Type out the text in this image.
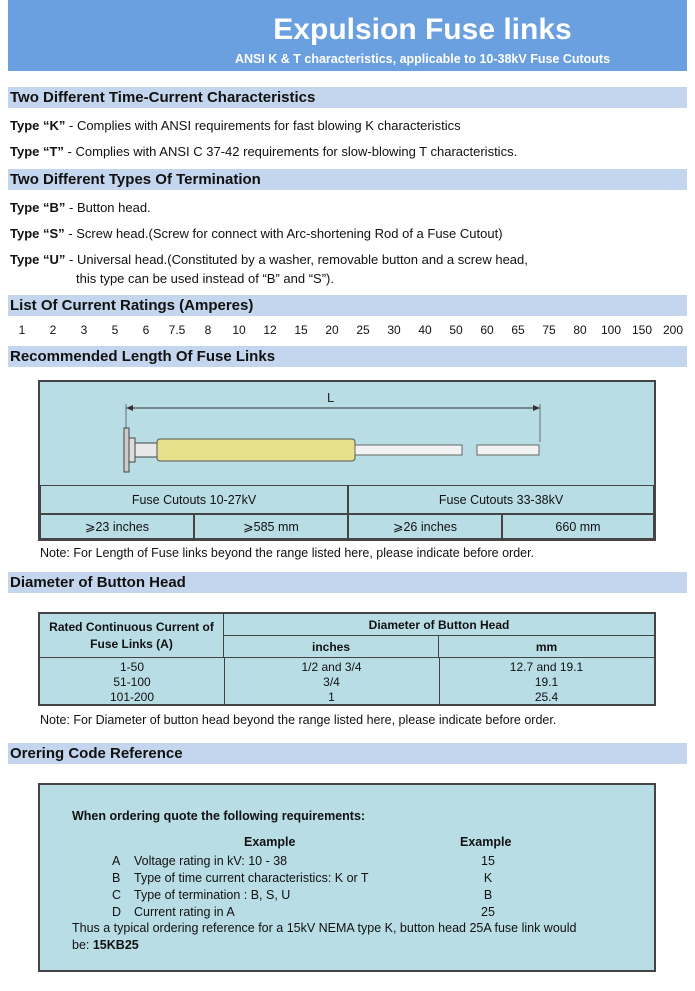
Expulsion Fuse links
ANSI K & T characteristics, applicable to 10-38kV Fuse Cutouts
Two Different Time-Current Characteristics
Type “K” - Complies with ANSI requirements for fast blowing K characteristics
Type “T” - Complies with ANSI C 37-42 requirements for slow-blowing T characteristics.
Two Different Types Of Termination
Type “B” - Button head.
Type “S” - Screw head.(Screw for connect with Arc-shortening Rod of a Fuse Cutout)
Type “U” - Universal head.(Constituted by a washer, removable button and a screw head,
this type can be used instead of “B” and “S”).
List Of Current Ratings (Amperes)
1 2 3 5 6 7.5 8 10 12 15 20 25 30 40 50 60 65 75 80 100 150 200
Recommended Length Of Fuse Links
L
Fuse Cutouts 10-27kV	Fuse Cutouts 33-38kV
⩾23 inches	⩾585 mm	⩾26 inches	660 mm
Note: For Length of Fuse links beyond the range listed here, please indicate before order.
Diameter of Button Head
Rated Continuous Current of Fuse Links (A)
Diameter of Button Head
inches	mm
1-50	1/2 and 3/4	12.7 and 19.1
51-100	3/4	19.1
101-200	1	25.4
Note: For Diameter of button head beyond the range listed here, please indicate before order.
Orering Code Reference
When ordering quote the following requirements:
Example	Example
A Voltage rating in kV: 10 - 38	15
B Type of time current characteristics: K or T	K
C Type of termination : B, S, U	B
D Current rating in A	25
Thus a typical ordering reference for a 15kV NEMA type K, button head 25A fuse link would
be: 15KB25
